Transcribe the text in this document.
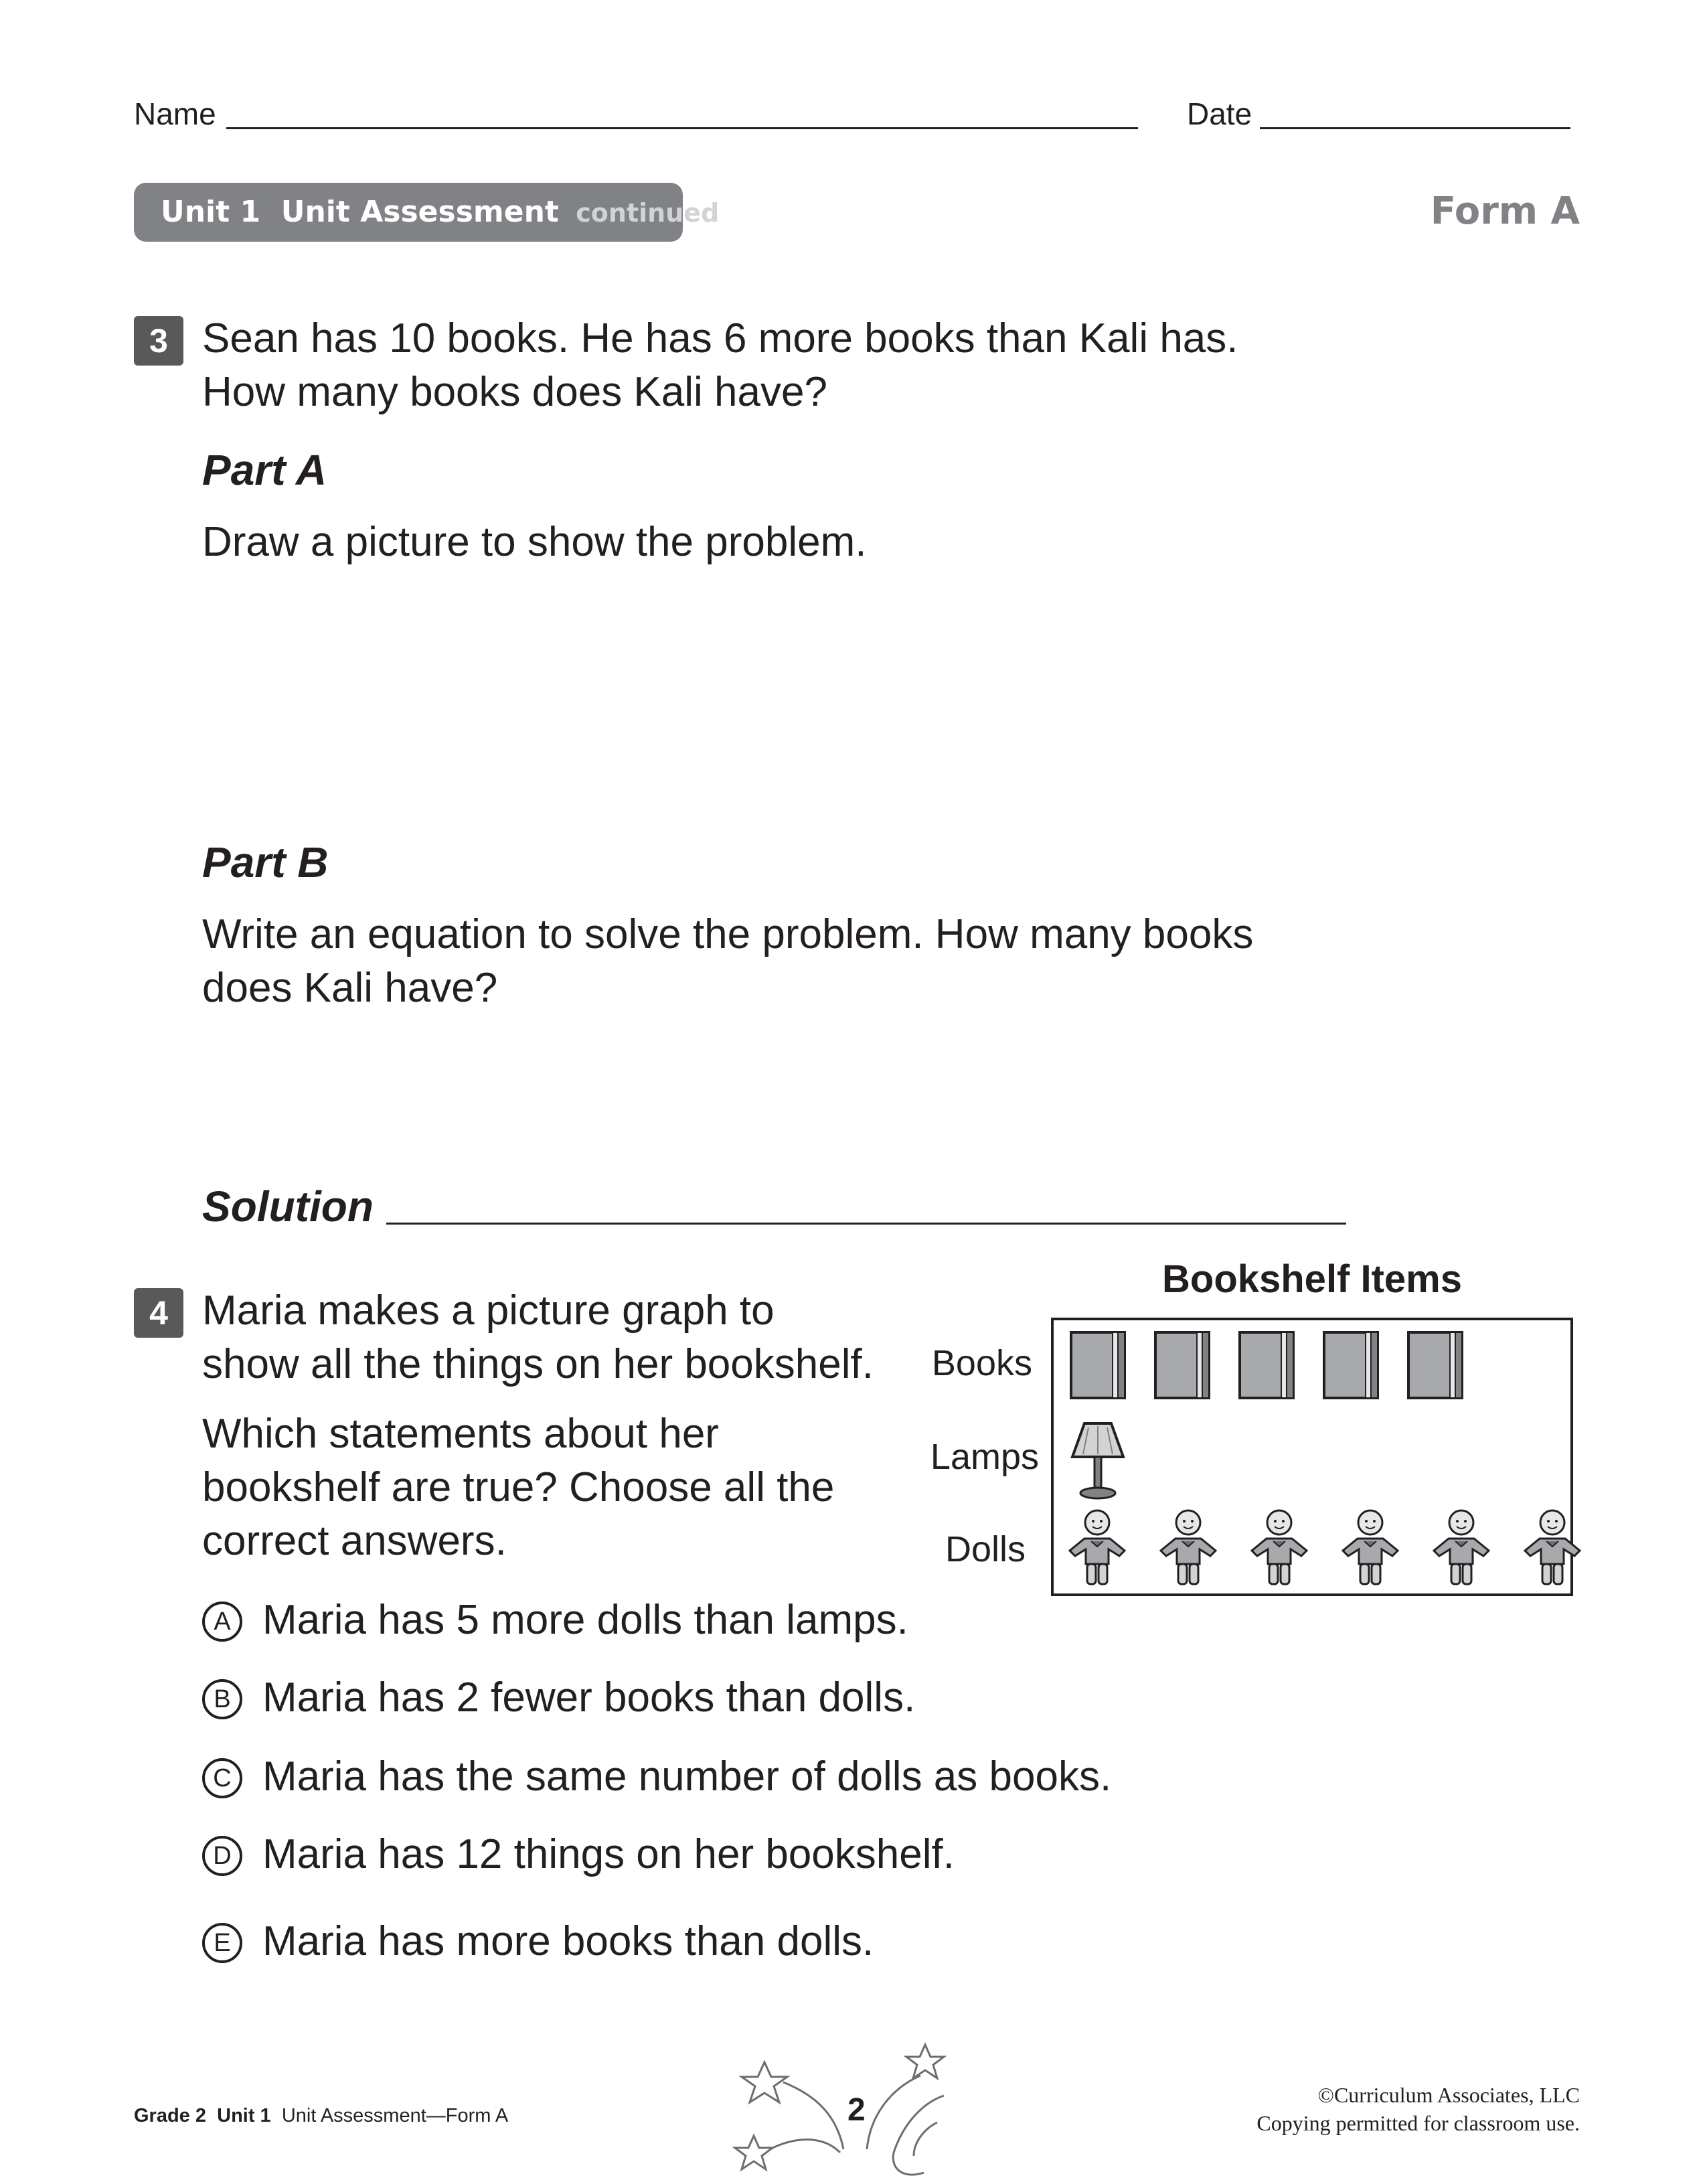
Name	Date
Unit 1 Unit Assessment continued	Form A
3 Sean has 10 books. He has 6 more books than Kali has.
How many books does Kali have?
Part A
Draw a picture to show the problem.
Part B
Write an equation to solve the problem. How many books
does Kali have?
Solution
4 Maria makes a picture graph to
show all the things on her bookshelf.
Which statements about her
bookshelf are true? Choose all the
correct answers.
A Maria has 5 more dolls than lamps.
B Maria has 2 fewer books than dolls.
C Maria has the same number of dolls as books.
D Maria has 12 things on her bookshelf.
E Maria has more books than dolls.
Bookshelf Items
Books
Lamps
Dolls
Grade 2 Unit 1 Unit Assessment—Form A	2	©Curriculum Associates, LLC
Copying permitted for classroom use.
